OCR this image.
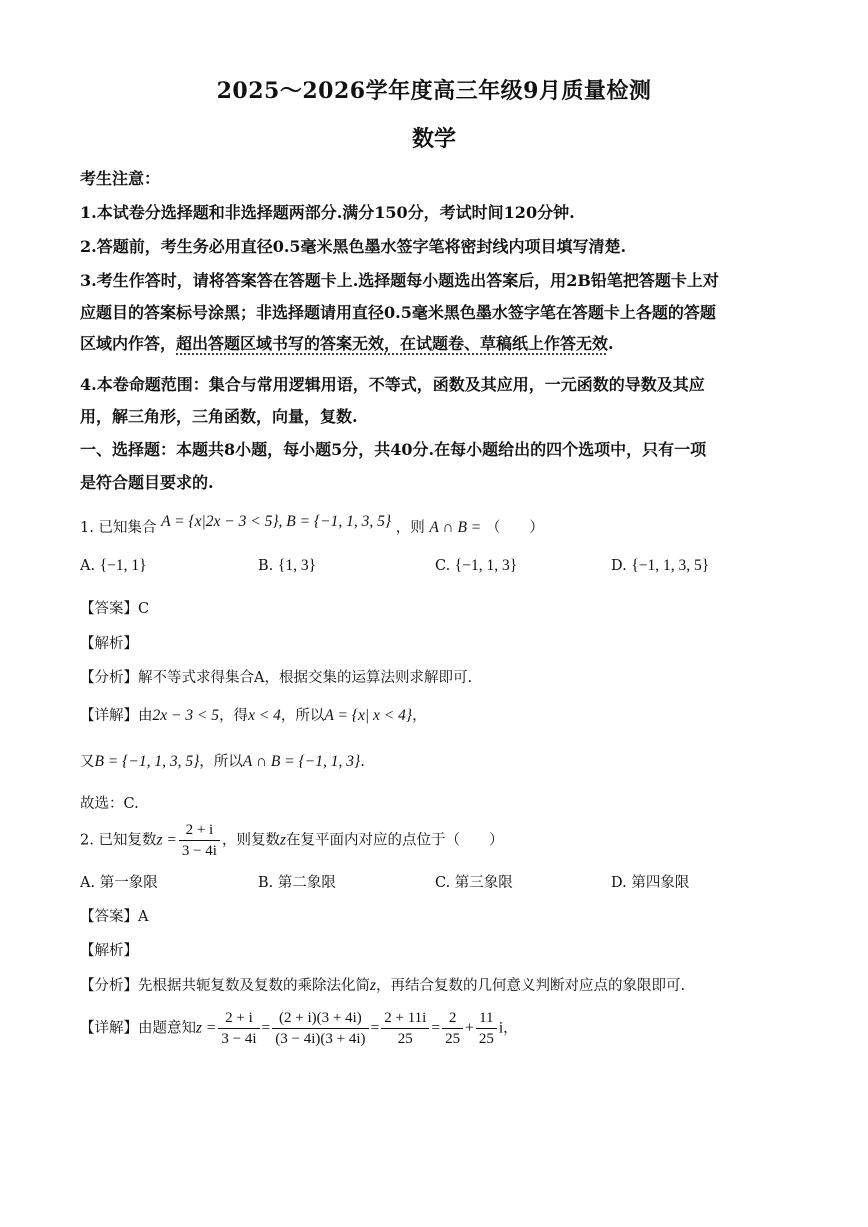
2025～2026学年度高三年级9月质量检测
数学
考生注意：
1.本试卷分选择题和非选择题两部分.满分150分，考试时间120分钟.
2.答题前，考生务必用直径0.5毫米黑色墨水签字笔将密封线内项目填写清楚.
3.考生作答时，请将答案答在答题卡上.选择题每小题选出答案后，用2B铅笔把答题卡上对
应题目的答案标号涂黑；非选择题请用直径0.5毫米黑色墨水签字笔在答题卡上各题的答题
区域内作答，超出答题区域书写的答案无效，在试题卷、草稿纸上作答无效.
4.本卷命题范围：集合与常用逻辑用语，不等式，函数及其应用，一元函数的导数及其应
用，解三角形，三角函数，向量，复数.
一、选择题：本题共8小题，每小题5分，共40分.在每小题给出的四个选项中，只有一项
是符合题目要求的.
1. 已知集合 A = {x|2x − 3 < 5}, B = {−1, 1, 3, 5} ，则 A ∩ B = （　　）
A. {−1, 1}	B. {1, 3}	C. {−1, 1, 3}	D. {−1, 1, 3, 5}
【答案】C
【解析】
【分析】解不等式求得集合A，根据交集的运算法则求解即可.
【详解】由2x − 3 < 5，得x < 4，所以A = {x| x < 4}，
又B = {−1, 1, 3, 5}，所以A ∩ B = {−1, 1, 3}.
故选：C.
2. 已知复数$z = \frac{2 + i}{3 - 4i}$ ，则复数z在复平面内对应的点位于（　　）
A. 第一象限	B. 第二象限	C. 第三象限	D. 第四象限
【答案】A
【解析】
【分析】先根据共轭复数及复数的乘除法化简z，再结合复数的几何意义判断对应点的象限即可.
【详解】由题意知$z = \frac{2 + i}{3 - 4i} = \frac{(2 + i)(3 + 4i)}{(3 - 4i)(3 + 4i)} = \frac{2 + 11i}{25} = \frac{2}{25} + \frac{11}{25}$ i，
